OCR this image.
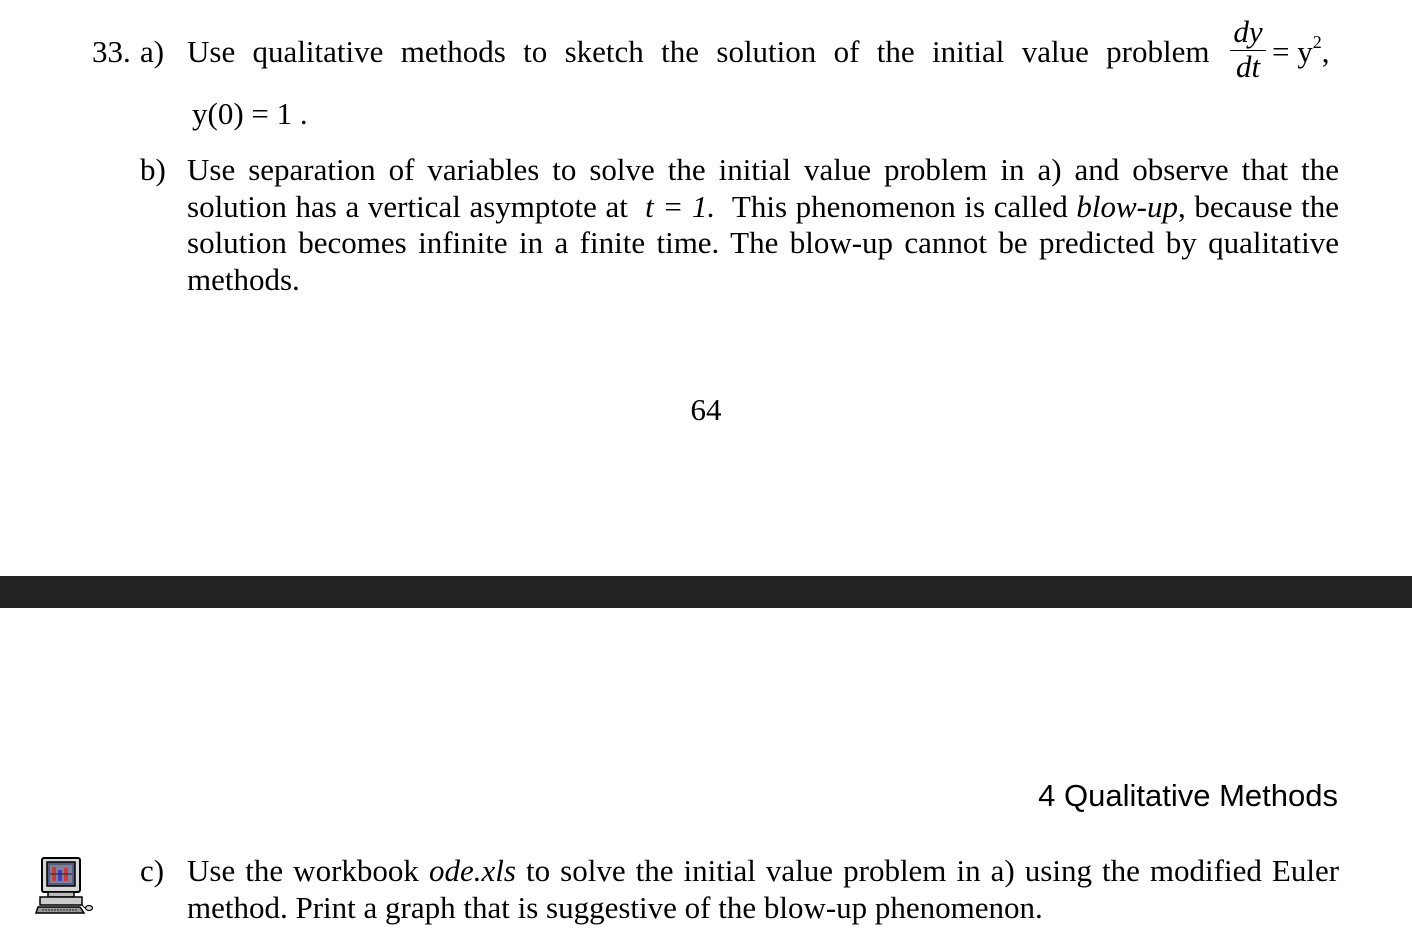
33. a) Use qualitative methods to sketch the solution of the initial value problem
dy
dt = $y^2$,
y(0) = 1 .
b) Use separation of variables to solve the initial value problem in a) and observe that the
solution has a vertical asymptote at t = 1. This phenomenon is called blow-up, because the
solution becomes infinite in a finite time. The blow-up cannot be predicted by qualitative
methods.
64
4 Qualitative Methods
c) Use the workbook ode.xls to solve the initial value problem in a) using the modified Euler
method. Print a graph that is suggestive of the blow-up phenomenon.
